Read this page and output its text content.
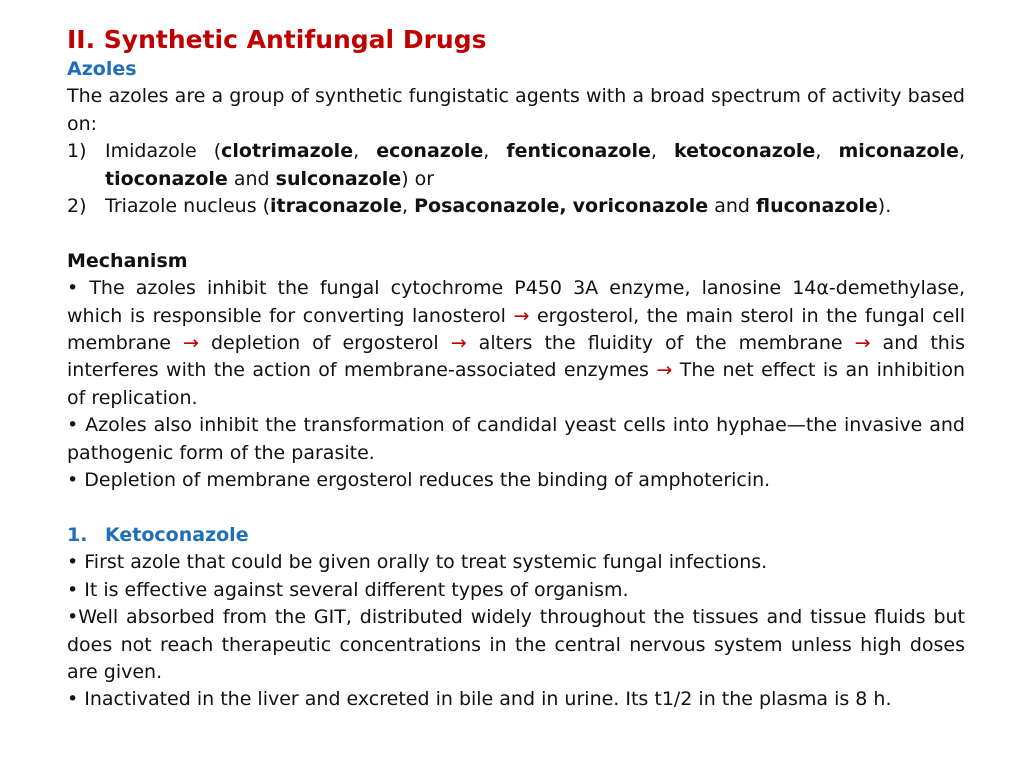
II. Synthetic Antifungal Drugs
Azoles
The azoles are a group of synthetic fungistatic agents with a broad spectrum of activity based on:
1) Imidazole (clotrimazole, econazole, fenticonazole, ketoconazole, miconazole, tioconazole and sulconazole) or
2) Triazole nucleus (itraconazole, Posaconazole, voriconazole and fluconazole).
Mechanism
• The azoles inhibit the fungal cytochrome P450 3A enzyme, lanosine 14α-demethylase, which is responsible for converting lanosterol → ergosterol, the main sterol in the fungal cell membrane → depletion of ergosterol → alters the fluidity of the membrane → and this interferes with the action of membrane-associated enzymes → The net effect is an inhibition of replication.
• Azoles also inhibit the transformation of candidal yeast cells into hyphae—the invasive and pathogenic form of the parasite.
• Depletion of membrane ergosterol reduces the binding of amphotericin.
1. Ketoconazole
• First azole that could be given orally to treat systemic fungal infections.
• It is effective against several different types of organism.
•Well absorbed from the GIT, distributed widely throughout the tissues and tissue fluids but does not reach therapeutic concentrations in the central nervous system unless high doses are given.
• Inactivated in the liver and excreted in bile and in urine. Its t1/2 in the plasma is 8 h.
